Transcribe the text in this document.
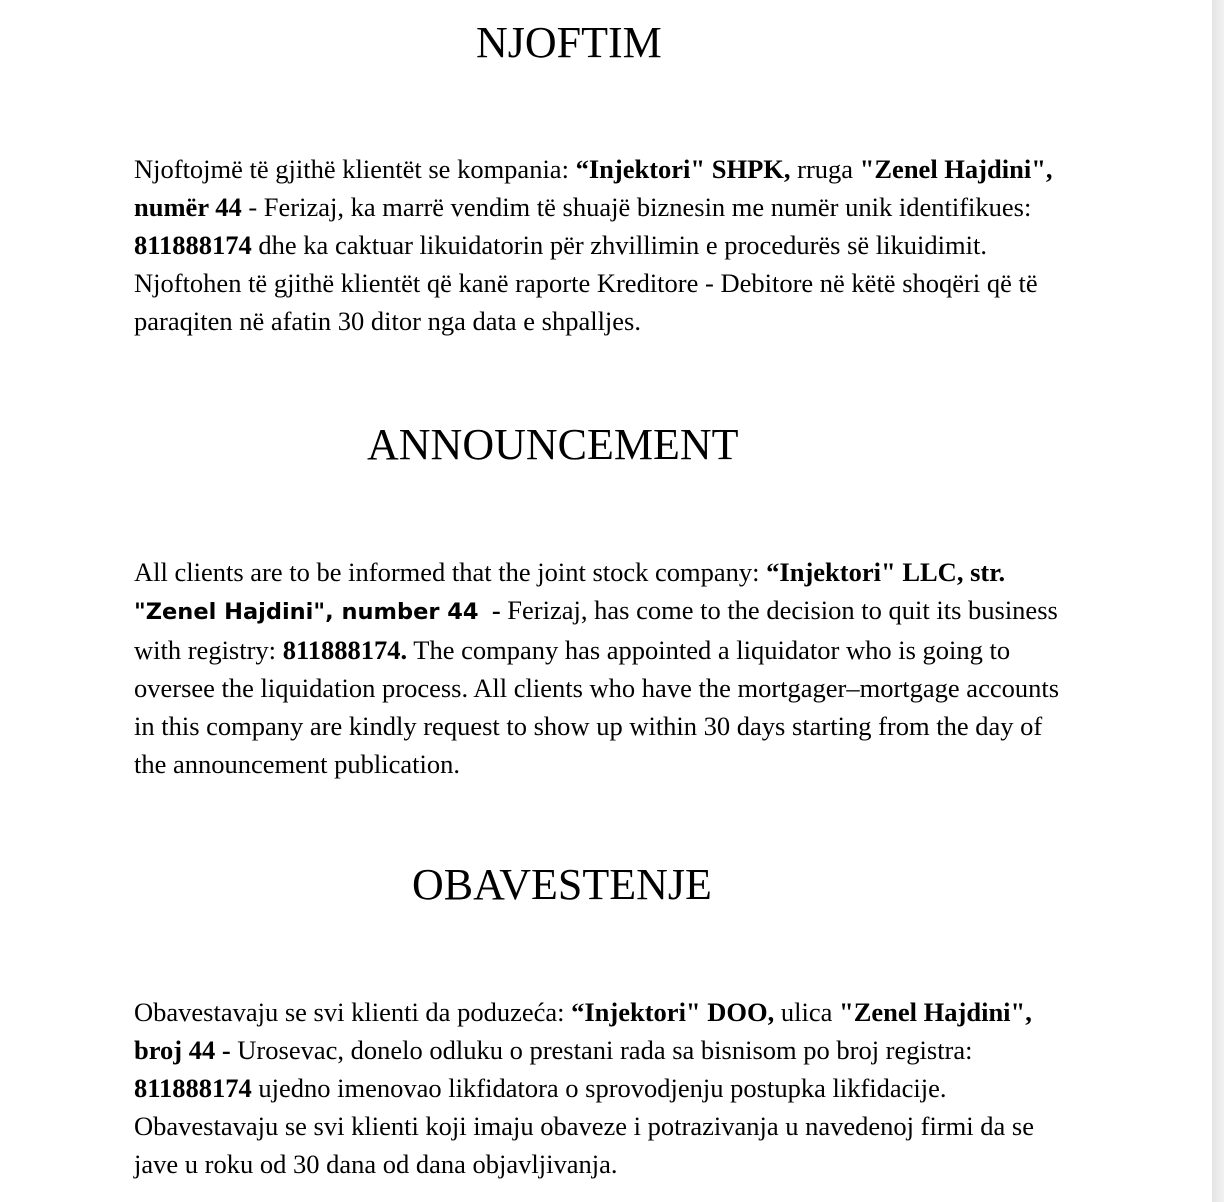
NJOFTIM

Njoftojmë të gjithë klientët se kompania: “Injektori" SHPK, rruga "Zenel Hajdini", numër 44 - Ferizaj, ka marrë vendim të shuajë biznesin me numër unik identifikues: 811888174 dhe ka caktuar likuidatorin për zhvillimin e procedurës së likuidimit. Njoftohen të gjithë klientët që kanë raporte Kreditore - Debitore në këtë shoqëri që të paraqiten në afatin 30 ditor nga data e shpalljes.

ANNOUNCEMENT

All clients are to be informed that the joint stock company: “Injektori" LLC, str.
"Zenel Hajdini", number 44  - Ferizaj, has come to the decision to quit its business with registry: 811888174. The company has appointed a liquidator who is going to oversee the liquidation process. All clients who have the mortgager–mortgage accounts in this company are kindly request to show up within 30 days starting from the day of the announcement publication.

OBAVESTENJE

Obavestavaju se svi klienti da poduzeća: “Injektori" DOO, ulica "Zenel Hajdini", broj 44 - Urosevac, donelo odluku o prestani rada sa bisnisom po broj registra: 811888174 ujedno imenovao likfidatora o sprovodjenju postupka likfidacije. Obavestavaju se svi klienti koji imaju obaveze i potrazivanja u navedenoj firmi da se jave u roku od 30 dana od dana objavljivanja.
